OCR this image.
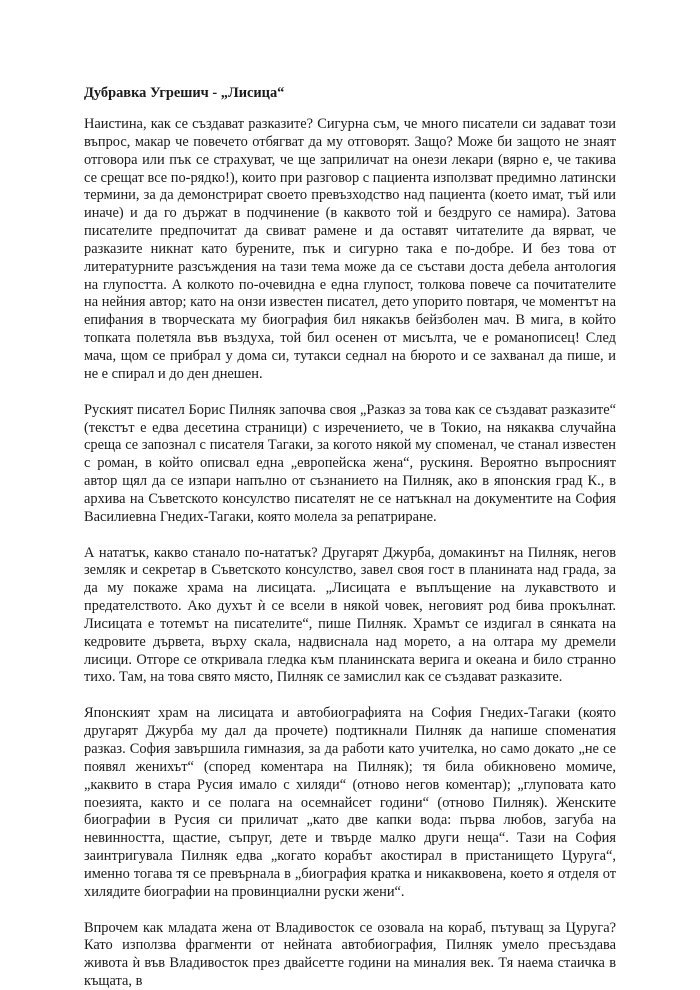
Дубравка Угрешич - „Лисица“

Наистина, как се създават разказите? Сигурна съм, че много писатели си задават този въпрос, макар че повечето отбягват да му отговорят. Защо? Може би защото не знаят отговора или пък се страхуват, че ще заприличат на онези лекари (вярно е, че такива се срещат все по-рядко!), които при разговор с пациента използват предимно латински термини, за да демонстрират своето превъзходство над пациента (което имат, тъй или иначе) и да го държат в подчинение (в каквото той и бездруго се намира). Затова писателите предпочитат да свиват рамене и да оставят читателите да вярват, че разказите никнат като бурените, пък и сигурно така е по-добре. И без това от литературните разсъждения на тази тема може да се състави доста дебела антология на глупостта. А колкото по-очевидна е една глупост, толкова повече са почитателите на нейния автор; като на онзи известен писател, дето упорито повтаря, че моментът на епифания в творческата му биография бил някакъв бейзболен мач. В мига, в който топката полетяла във въздуха, той бил осенен от мисълта, че е романописец! След мача, щом се прибрал у дома си, тутакси седнал на бюрото и се захванал да пише, и не е спирал и до ден днешен.

Руският писател Борис Пилняк започва своя „Разказ за това как се създават разказите“ (текстът е едва десетина страници) с изречението, че в Токио, на някаква случайна среща се запознал с писателя Тагаки, за когото някой му споменал, че станал известен с роман, в който описвал една „европейска жена“, рускиня. Вероятно въпросният автор щял да се изпари напълно от съзнанието на Пилняк, ако в японския град К., в архива на Съветското консулство писателят не се натъкнал на документите на София Василиевна Гнедих-Тагаки, която молела за репатриране.

А нататък, какво станало по-нататък? Другарят Джурба, домакинът на Пилняк, негов земляк и секретар в Съветското консулство, завел своя гост в планината над града, за да му покаже храма на лисицата. „Лисицата е въплъщение на лукавството и предателството. Ако духът ѝ се всели в някой човек, неговият род бива прокълнат. Лисицата е тотемът на писателите“, пише Пилняк. Храмът се издигал в сянката на кедровите дървета, върху скала, надвиснала над морето, а на олтара му дремели лисици. Отгоре се откривала гледка към планинската верига и океана и било странно тихо. Там, на това свято място, Пилняк се замислил как се създават разказите.

Японският храм на лисицата и автобиографията на София Гнедих-Тагаки (която другарят Джурба му дал да прочете) подтикнали Пилняк да напише споменатия разказ. София завършила гимназия, за да работи като учителка, но само докато „не се появял женихът“ (според коментара на Пилняк); тя била обикновено момиче, „каквито в стара Русия имало с хиляди“ (отново негов коментар); „глуповата като поезията, както и се полага на осемнайсет години“ (отново Пилняк). Женските биографии в Русия си приличат „като две капки вода: първа любов, загуба на невинността, щастие, съпруг, дете и твърде малко други неща“. Тази на София заинтригувала Пилняк едва „когато корабът акостирал в пристанището Цуруга“, именно тогава тя се превърнала в „биография кратка и никаквовена, което я отделя от хилядите биографии на провинциални руски жени“.

Впрочем как младата жена от Владивосток се озовала на кораб, пътуващ за Цуруга? Като използва фрагменти от нейната автобиография, Пилняк умело пресъздава живота ѝ във Владивосток през двайсетте години на миналия век. Тя наема стаичка в къщата, в
